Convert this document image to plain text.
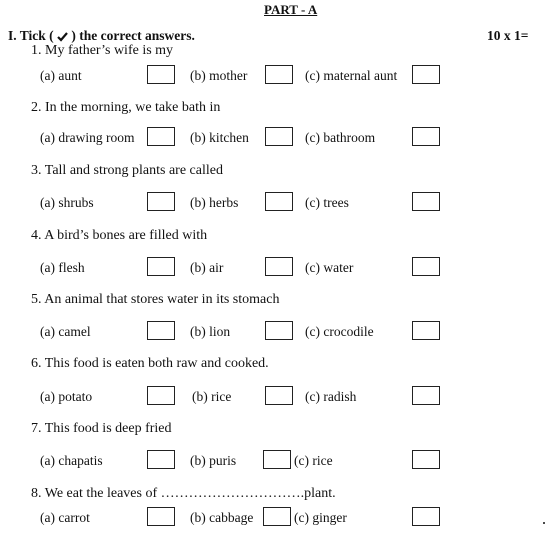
PART - A
I. Tick ( ) the correct answers.	10 x 1=
1. My father’s wife is my
(a) aunt	(b) mother	(c) maternal aunt
2. In the morning, we take bath in
(a) drawing room	(b) kitchen	(c) bathroom
3. Tall and strong plants are called
(a) shrubs	(b) herbs	(c) trees
4. A bird’s bones are filled with
(a) flesh	(b) air	(c) water
5. An animal that stores water in its stomach
(a) camel	(b) lion	(c) crocodile
6. This food is eaten both raw and cooked.
(a) potato	(b) rice	(c) radish
7. This food is deep fried
(a) chapatis	(b) puris	(c) rice
8. We eat the leaves of ………………………….plant.
(a) carrot	(b) cabbage	(c) ginger
